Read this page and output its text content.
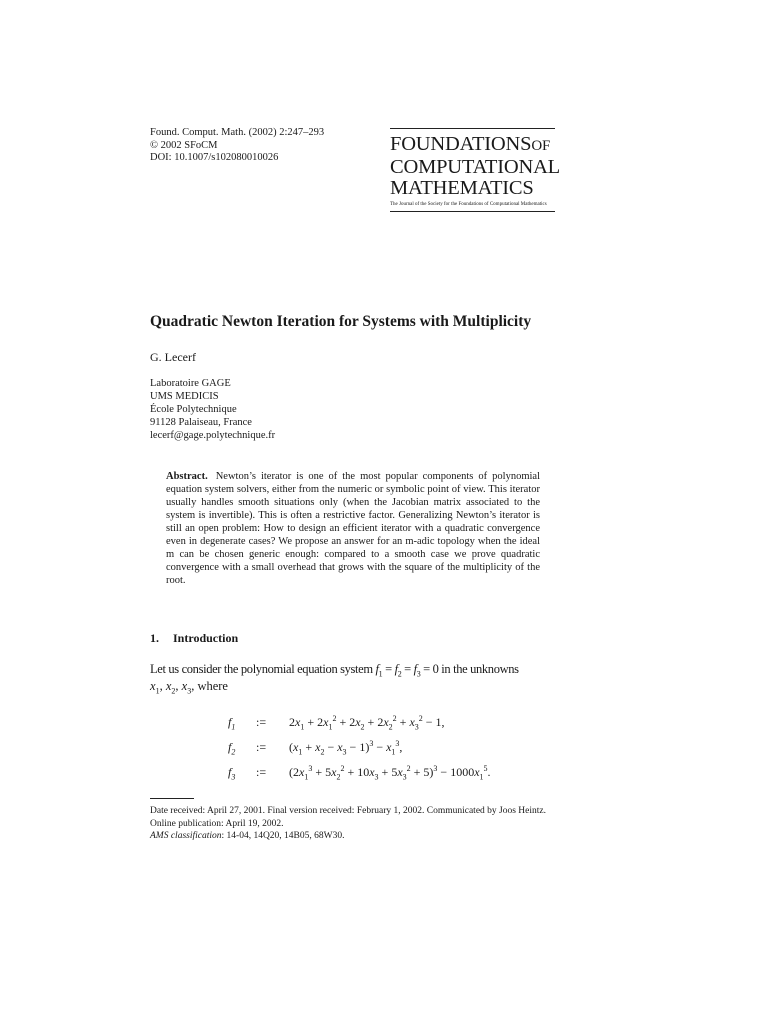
Found. Comput. Math. (2002) 2:247–293
© 2002 SFoCM
DOI: 10.1007/s102080010026
FOUNDATIONSOF
COMPUTATIONAL
MATHEMATICS
The Journal of the Society for the Foundations of Computational Mathematics
Quadratic Newton Iteration for Systems with Multiplicity
G. Lecerf
Laboratoire GAGE
UMS MEDICIS
École Polytechnique
91128 Palaiseau, France
lecerf@gage.polytechnique.fr
Abstract. Newton’s iterator is one of the most popular components of polynomial equation system solvers, either from the numeric or symbolic point of view. This iterator usually handles smooth situations only (when the Jacobian matrix associated to the system is invertible). This is often a restrictive factor. Generalizing Newton’s iterator is still an open problem: How to design an efficient iterator with a quadratic convergence even in degenerate cases? We propose an answer for an m-adic topology when the ideal m can be chosen generic enough: compared to a smooth case we prove quadratic convergence with a small overhead that grows with the square of the multiplicity of the root.
1. Introduction
Let us consider the polynomial equation system $f_1 = f_2 = f_3 = 0$ in the unknowns
$x_1$, $x_2$, $x_3$, where
$f_1$ := $2x_1 + 2x_1^2 + 2x_2 + 2x_2^2 + x_3^2 - 1$,
$f_2$ := $(x_1 + x_2 - x_3 - 1)^3 - x_1^3$,
$f_3$ := $(2x_1^3 + 5x_2^2 + 10x_3 + 5x_3^2 + 5)^3 - 1000x_1^5$.
Date received: April 27, 2001. Final version received: February 1, 2002. Communicated by Joos Heintz.
Online publication: April 19, 2002.
AMS classification: 14-04, 14Q20, 14B05, 68W30.
